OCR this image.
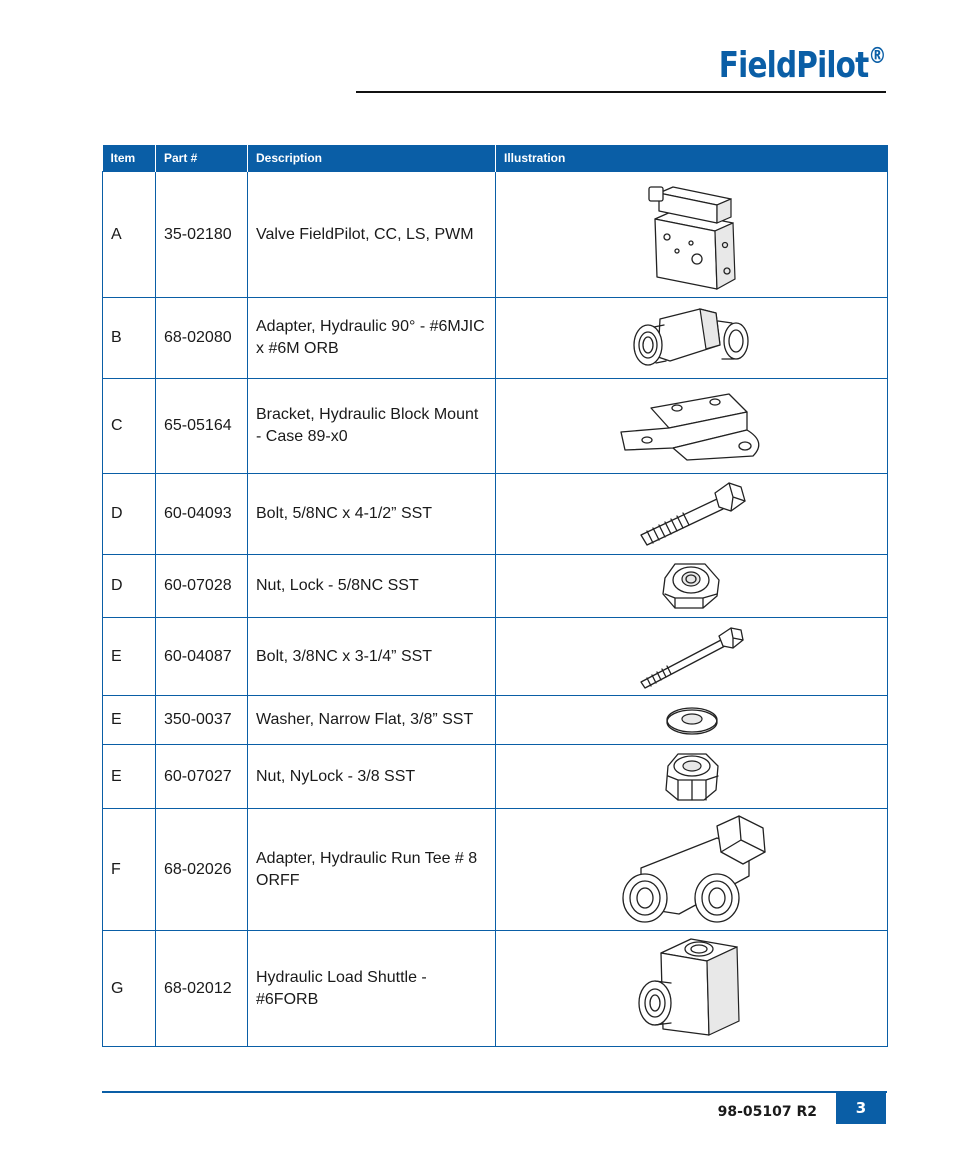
FieldPilot®
Item	Part #	Description	Illustration
A	35-02180	Valve FieldPilot, CC, LS, PWM	

B	68-02080	Adapter, Hydraulic 90° - #6MJIC x #6M ORB	

C	65-05164	Bracket, Hydraulic Block Mount - Case 89-x0	

D	60-04093	Bolt, 5/8NC x 4-1/2” SST	

D	60-07028	Nut, Lock - 5/8NC SST	

E	60-04087	Bolt, 3/8NC x 3-1/4” SST	

E	350-0037	Washer, Narrow Flat, 3/8” SST	

E	60-07027	Nut, NyLock - 3/8 SST	

F	68-02026	Adapter, Hydraulic Run Tee # 8 ORFF	

G	68-02012	Hydraulic Load Shuttle - #6FORB	
98-05107 R2	3
